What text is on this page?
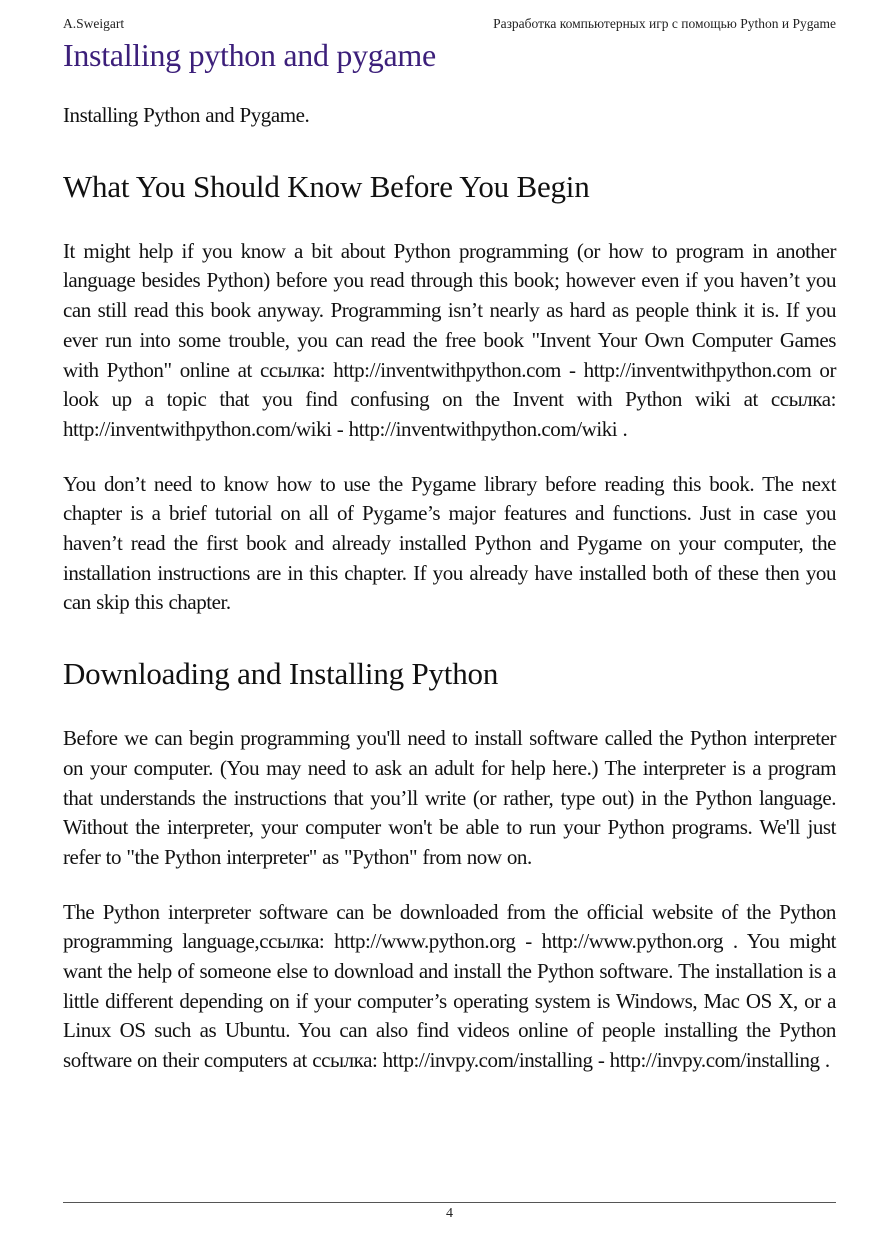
A.Sweigart	Разработка компьютерных игр с помощью Python и Pygame
Installing python and pygame

Installing Python and Pygame.

What You Should Know Before You Begin

It might help if you know a bit about Python programming (or how to program in another language besides Python) before you read through this book; however even if you haven’t you can still read this book anyway. Programming isn’t nearly as hard as people think it is. If you ever run into some trouble, you can read the free book "Invent Your Own Computer Games with Python" online at ссылка: http://inventwithpython.com - http://inventwithpython.com or look up a topic that you find confusing on the Invent with Python wiki at ссылка: http://inventwithpython.com/wiki - http://inventwithpython.com/wiki .

You don’t need to know how to use the Pygame library before reading this book. The next chapter is a brief tutorial on all of Pygame’s major features and functions. Just in case you haven’t read the first book and already installed Python and Pygame on your computer, the installation instructions are in this chapter. If you already have installed both of these then you can skip this chapter.

Downloading and Installing Python

Before we can begin programming you'll need to install software called the Python interpreter on your computer. (You may need to ask an adult for help here.) The interpreter is a program that understands the instructions that you’ll write (or rather, type out) in the Python language. Without the interpreter, your computer won't be able to run your Python programs. We'll just refer to "the Python interpreter" as "Python" from now on.

The Python interpreter software can be downloaded from the official website of the Python programming language,ссылка: http://www.python.org - http://www.python.org . You might want the help of someone else to download and install the Python software. The installation is a little different depending on if your computer’s operating system is Windows, Mac OS X, or a Linux OS such as Ubuntu. You can also find videos online of people installing the Python software on their computers at ссылка: http://invpy.com/installing - http://invpy.com/installing .

4
